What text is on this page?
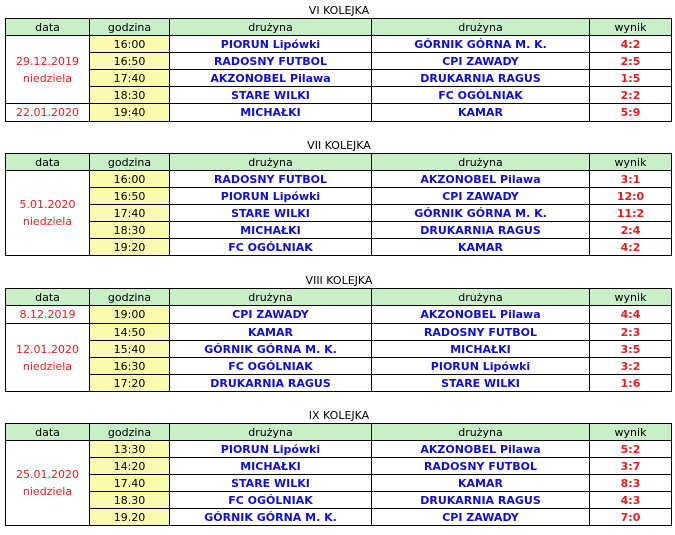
VI KOLEJKA
data	godzina	drużyna	drużyna	wynik

29.12.2019
niedziela	16:00	PIORUN Lipówki	GÓRNIK GÓRNA M. K.	4:2
	16:50	RADOSNY FUTBOL	CPI ZAWADY	2:5
	17:40	AKZONOBEL Pilawa	DRUKARNIA RAGUS	1:5
	18:30	STARE WILKI	FC OGÓLNIAK	2:2

22.01.2020	19:40	MICHAŁKI	KAMAR	5:9
VII KOLEJKA
data	godzina	drużyna	drużyna	wynik

5.01.2020
niedziela	16:00	RADOSNY FUTBOL	AKZONOBEL Pilawa	3:1
	16:50	PIORUN Lipówki	CPI ZAWADY	12:0
	17:40	STARE WILKI	GÓRNIK GÓRNA M. K.	11:2
	18:30	MICHAŁKI	DRUKARNIA RAGUS	2:4
	19:20	FC OGÓLNIAK	KAMAR	4:2
VIII KOLEJKA
data	godzina	drużyna	drużyna	wynik

8.12.2019	19:00	CPI ZAWADY	AKZONOBEL Pilawa	4:4

12.01.2020
niedziela	14:50	KAMAR	RADOSNY FUTBOL	2:3
	15:40	GÓRNIK GÓRNA M. K.	MICHAŁKI	3:5
	16:30	FC OGÓLNIAK	PIORUN Lipówki	3:2
	17:20	DRUKARNIA RAGUS	STARE WILKI	1:6
IX KOLEJKA
data	godzina	drużyna	drużyna	wynik

25.01.2020
niedziela	13:30	PIORUN Lipówki	AKZONOBEL Pilawa	5:2
	14:20	MICHAŁKI	RADOSNY FUTBOL	3:7
	17.40	STARE WILKI	KAMAR	8:3
	18.30	FC OGÓLNIAK	DRUKARNIA RAGUS	4:3
	19.20	GÓRNIK GÓRNA M. K.	CPI ZAWADY	7:0
